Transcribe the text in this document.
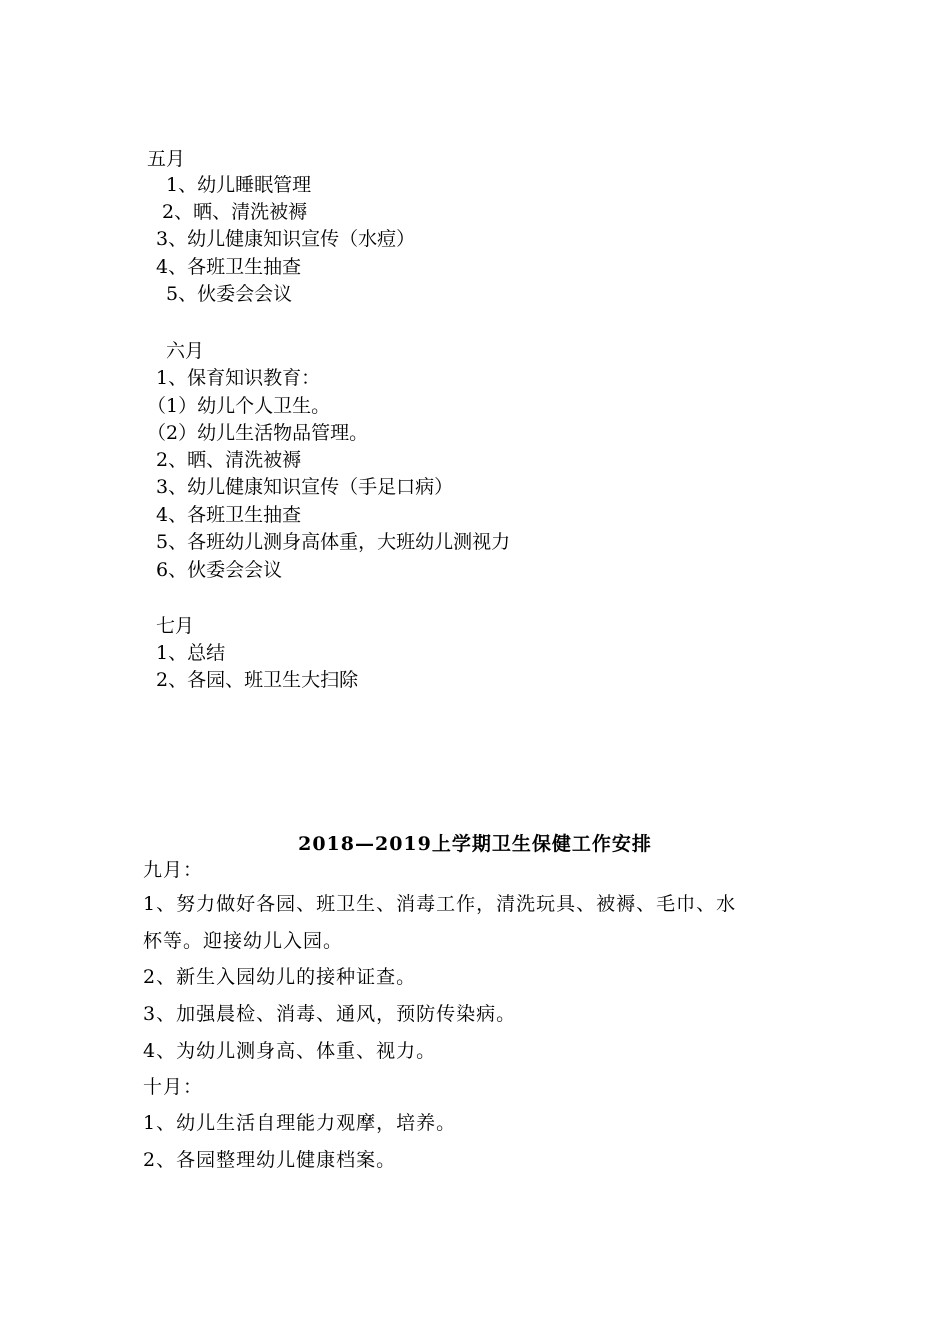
五月
1、幼儿睡眠管理
2、晒、清洗被褥
3、幼儿健康知识宣传（水痘）
4、各班卫生抽查
5、伙委会会议
六月
1、保育知识教育：
（1）幼儿个人卫生。
（2）幼儿生活物品管理。
2、晒、清洗被褥
3、幼儿健康知识宣传（手足口病）
4、各班卫生抽查
5、各班幼儿测身高体重，大班幼儿测视力
6、伙委会会议
七月
1、总结
2、各园、班卫生大扫除
2018—2019上学期卫生保健工作安排
九月：
1、努力做好各园、班卫生、消毒工作，清洗玩具、被褥、毛巾、水
杯等。迎接幼儿入园。
2、新生入园幼儿的接种证查。
3、加强晨检、消毒、通风，预防传染病。
4、为幼儿测身高、体重、视力。
十月：
1、幼儿生活自理能力观摩，培养。
2、各园整理幼儿健康档案。
